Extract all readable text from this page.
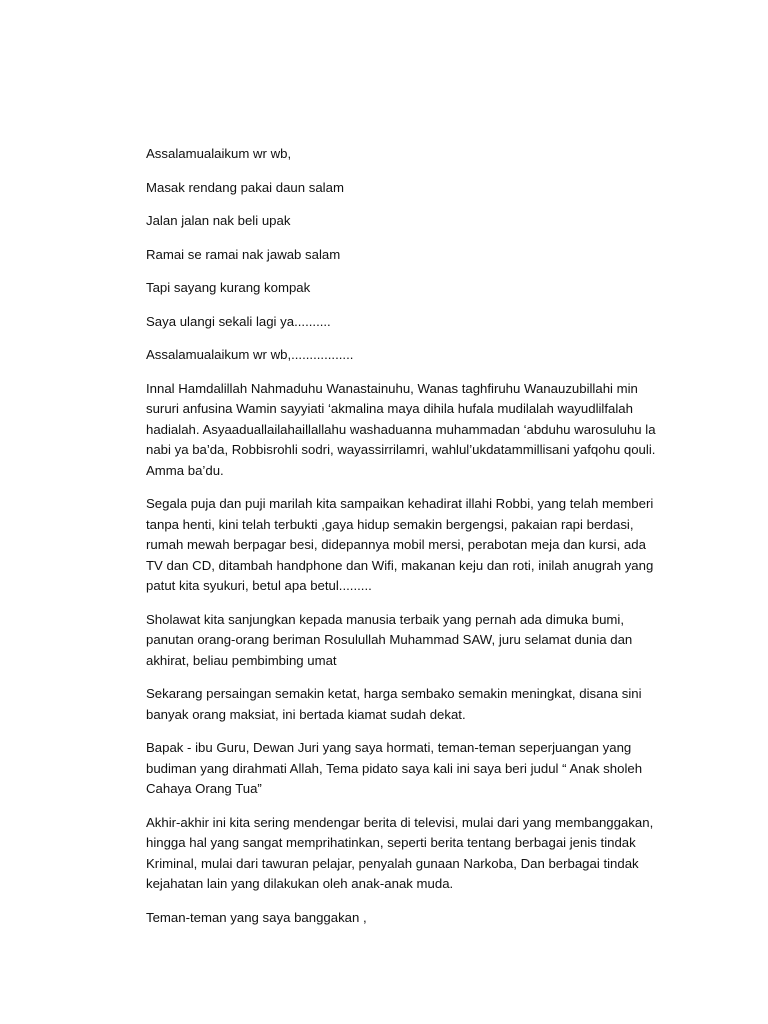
Assalamualaikum wr wb,

Masak rendang pakai daun salam

Jalan jalan nak beli upak

Ramai se ramai nak jawab salam

Tapi sayang kurang kompak

Saya ulangi sekali lagi ya..........

Assalamualaikum wr wb,.................

Innal Hamdalillah Nahmaduhu Wanastainuhu, Wanas taghfiruhu Wanauzubillahi min
sururi anfusina Wamin sayyiati ‘akmalina maya dihila hufala mudilalah wayudlilfalah
hadialah. Asyaaduallailahaillallahu washaduanna muhammadan ‘abduhu warosuluhu la
nabi ya ba’da, Robbisrohli sodri, wayassirrilamri, wahlul’ukdatammillisani yafqohu qouli.
Amma ba’du.

Segala puja dan puji marilah kita sampaikan kehadirat illahi Robbi, yang telah memberi
tanpa henti, kini telah terbukti ,gaya hidup semakin bergengsi, pakaian rapi berdasi,
rumah mewah berpagar besi, didepannya mobil mersi, perabotan meja dan kursi, ada
TV dan CD, ditambah handphone dan Wifi, makanan keju dan roti, inilah anugrah yang
patut kita syukuri, betul apa betul.........

Sholawat kita sanjungkan kepada manusia terbaik yang pernah ada dimuka bumi,
panutan orang-orang beriman Rosulullah Muhammad SAW, juru selamat dunia dan
akhirat, beliau pembimbing umat

Sekarang persaingan semakin ketat, harga sembako semakin meningkat, disana sini
banyak orang maksiat, ini bertada kiamat sudah dekat.

Bapak - ibu Guru, Dewan Juri yang saya hormati, teman-teman seperjuangan yang
budiman yang dirahmati Allah, Tema pidato saya kali ini saya beri judul “ Anak sholeh
Cahaya Orang Tua”

Akhir-akhir ini kita sering mendengar berita di televisi, mulai dari yang membanggakan,
hingga hal yang sangat memprihatinkan, seperti berita tentang berbagai jenis tindak
Kriminal, mulai dari tawuran pelajar, penyalah gunaan Narkoba, Dan berbagai tindak
kejahatan lain yang dilakukan oleh anak-anak muda.

Teman-teman yang saya banggakan ,
